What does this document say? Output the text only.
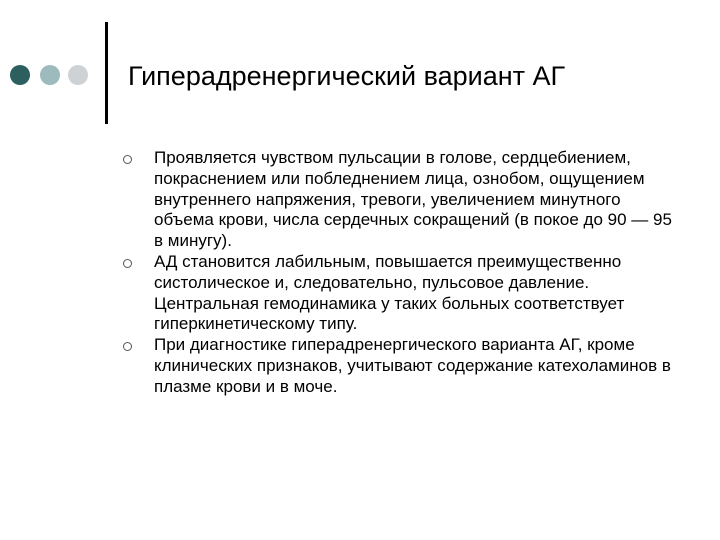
Гиперадренергический вариант АГ
Проявляется чувством пульсации в голове, сердцебиением, покраснением или побледнением лица, ознобом, ощущением внутреннего напряжения, тревоги, увеличением минутного объема крови, числа сердечных сокращений (в покое до 90 — 95 в минугу).
АД становится лабильным, повышается преимущественно систолическое и, следовательно, пульсовое давление. Центральная гемодинамика у таких больных соответствует гиперкинетическому типу.
При диагностике гиперадренергического варианта АГ, кроме клинических признаков, учитывают содержание катехоламинов в плазме крови и в моче.
